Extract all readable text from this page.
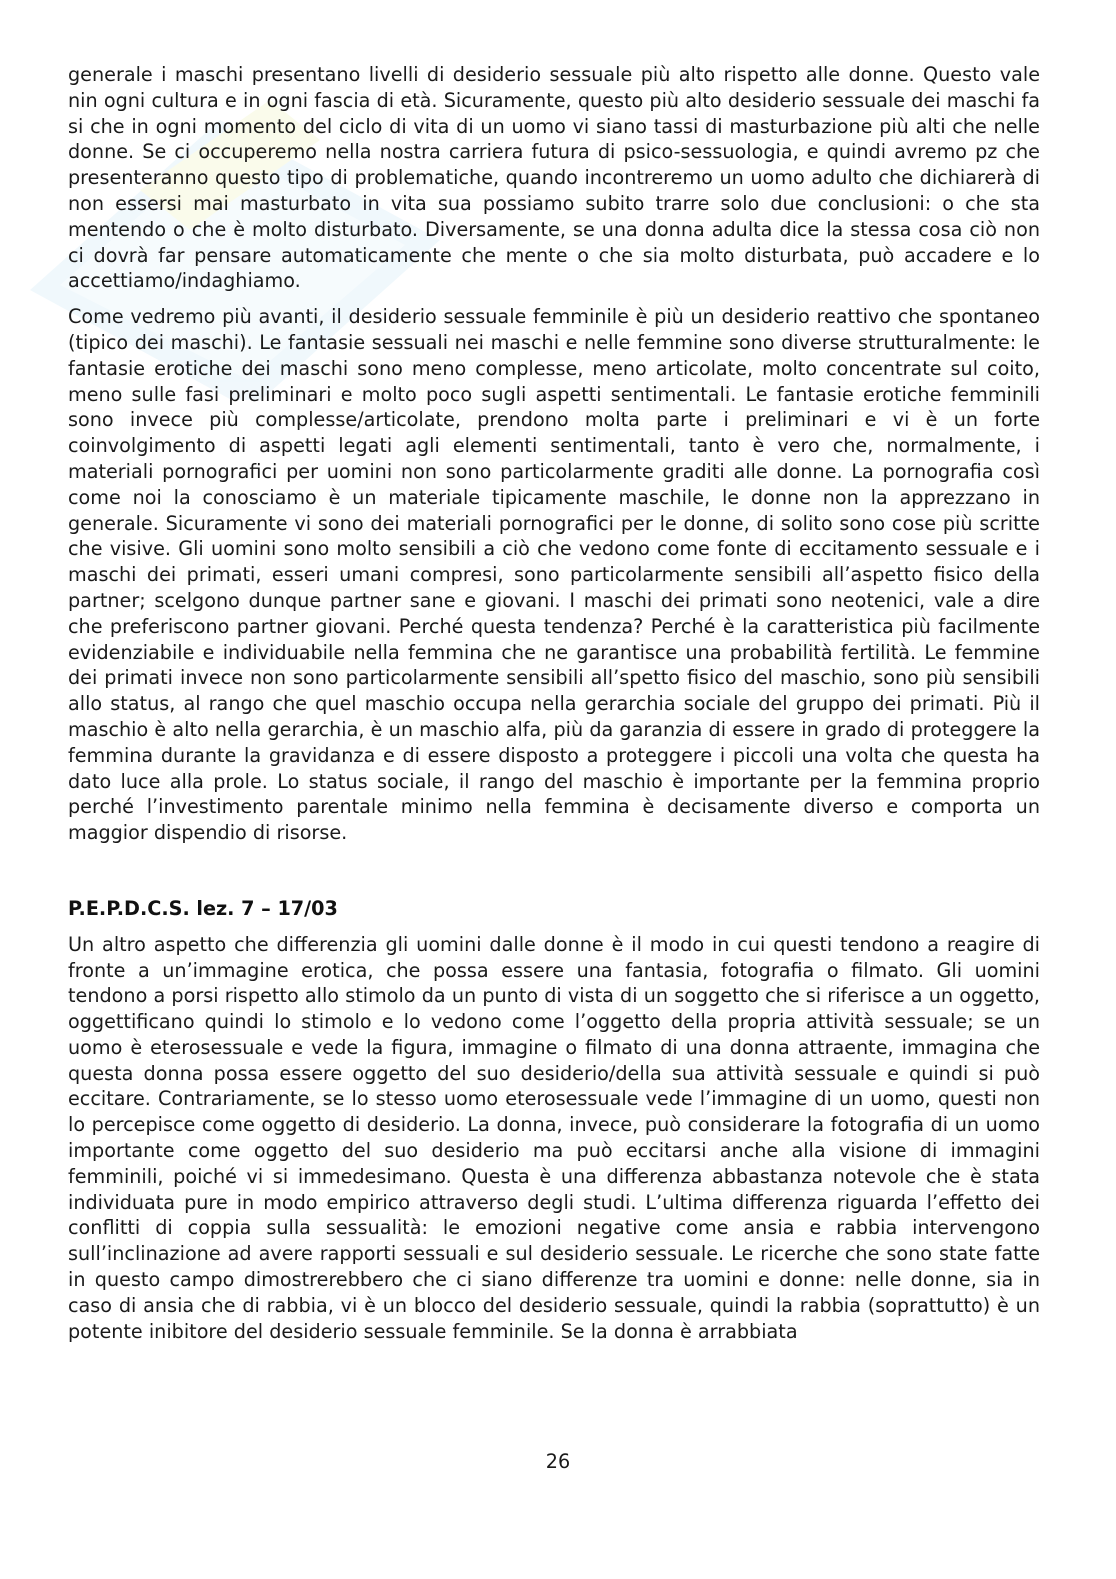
generale i maschi presentano livelli di desiderio sessuale più alto rispetto alle donne. Questo vale nin ogni cultura e in ogni fascia di età. Sicuramente, questo più alto desiderio sessuale dei maschi fa si che in ogni momento del ciclo di vita di un uomo vi siano tassi di masturbazione più alti che nelle donne. Se ci occuperemo nella nostra carriera futura di psico-sessuologia, e quindi avremo pz che presenteranno questo tipo di problematiche, quando incontreremo un uomo adulto che dichiarerà di non essersi mai masturbato in vita sua possiamo subito trarre solo due conclusioni: o che sta mentendo o che è molto disturbato. Diversamente, se una donna adulta dice la stessa cosa ciò non ci dovrà far pensare automaticamente che mente o che sia molto disturbata, può accadere e lo accettiamo/indaghiamo.

Come vedremo più avanti, il desiderio sessuale femminile è più un desiderio reattivo che spontaneo (tipico dei maschi). Le fantasie sessuali nei maschi e nelle femmine sono diverse strutturalmente: le fantasie erotiche dei maschi sono meno complesse, meno articolate, molto concentrate sul coito, meno sulle fasi preliminari e molto poco sugli aspetti sentimentali. Le fantasie erotiche femminili sono invece più complesse/articolate, prendono molta parte i preliminari e vi è un forte coinvolgimento di aspetti legati agli elementi sentimentali, tanto è vero che, normalmente, i materiali pornografici per uomini non sono particolarmente graditi alle donne. La pornografia così come noi la conosciamo è un materiale tipicamente maschile, le donne non la apprezzano in generale. Sicuramente vi sono dei materiali pornografici per le donne, di solito sono cose più scritte che visive. Gli uomini sono molto sensibili a ciò che vedono come fonte di eccitamento sessuale e i maschi dei primati, esseri umani compresi, sono particolarmente sensibili all’aspetto fisico della partner; scelgono dunque partner sane e giovani. I maschi dei primati sono neotenici, vale a dire che preferiscono partner giovani. Perché questa tendenza? Perché è la caratteristica più facilmente evidenziabile e individuabile nella femmina che ne garantisce una probabilità fertilità. Le femmine dei primati invece non sono particolarmente sensibili all’spetto fisico del maschio, sono più sensibili allo status, al rango che quel maschio occupa nella gerarchia sociale del gruppo dei primati. Più il maschio è alto nella gerarchia, è un maschio alfa, più da garanzia di essere in grado di proteggere la femmina durante la gravidanza e di essere disposto a proteggere i piccoli una volta che questa ha dato luce alla prole. Lo status sociale, il rango del maschio è importante per la femmina proprio perché l’investimento parentale minimo nella femmina è decisamente diverso e comporta un maggior dispendio di risorse.

P.E.P.D.C.S. lez. 7 – 17/03

Un altro aspetto che differenzia gli uomini dalle donne è il modo in cui questi tendono a reagire di fronte a un’immagine erotica, che possa essere una fantasia, fotografia o filmato. Gli uomini tendono a porsi rispetto allo stimolo da un punto di vista di un soggetto che si riferisce a un oggetto, oggettificano quindi lo stimolo e lo vedono come l’oggetto della propria attività sessuale; se un uomo è eterosessuale e vede la figura, immagine o filmato di una donna attraente, immagina che questa donna possa essere oggetto del suo desiderio/della sua attività sessuale e quindi si può eccitare. Contrariamente, se lo stesso uomo eterosessuale vede l’immagine di un uomo, questi non lo percepisce come oggetto di desiderio. La donna, invece, può considerare la fotografia di un uomo importante come oggetto del suo desiderio ma può eccitarsi anche alla visione di immagini femminili, poiché vi si immedesimano. Questa è una differenza abbastanza notevole che è stata individuata pure in modo empirico attraverso degli studi. L’ultima differenza riguarda l’effetto dei conflitti di coppia sulla sessualità: le emozioni negative come ansia e rabbia intervengono sull’inclinazione ad avere rapporti sessuali e sul desiderio sessuale. Le ricerche che sono state fatte in questo campo dimostrerebbero che ci siano differenze tra uomini e donne: nelle donne, sia in caso di ansia che di rabbia, vi è un blocco del desiderio sessuale, quindi la rabbia (soprattutto) è un potente inibitore del desiderio sessuale femminile. Se la donna è arrabbiata

26
